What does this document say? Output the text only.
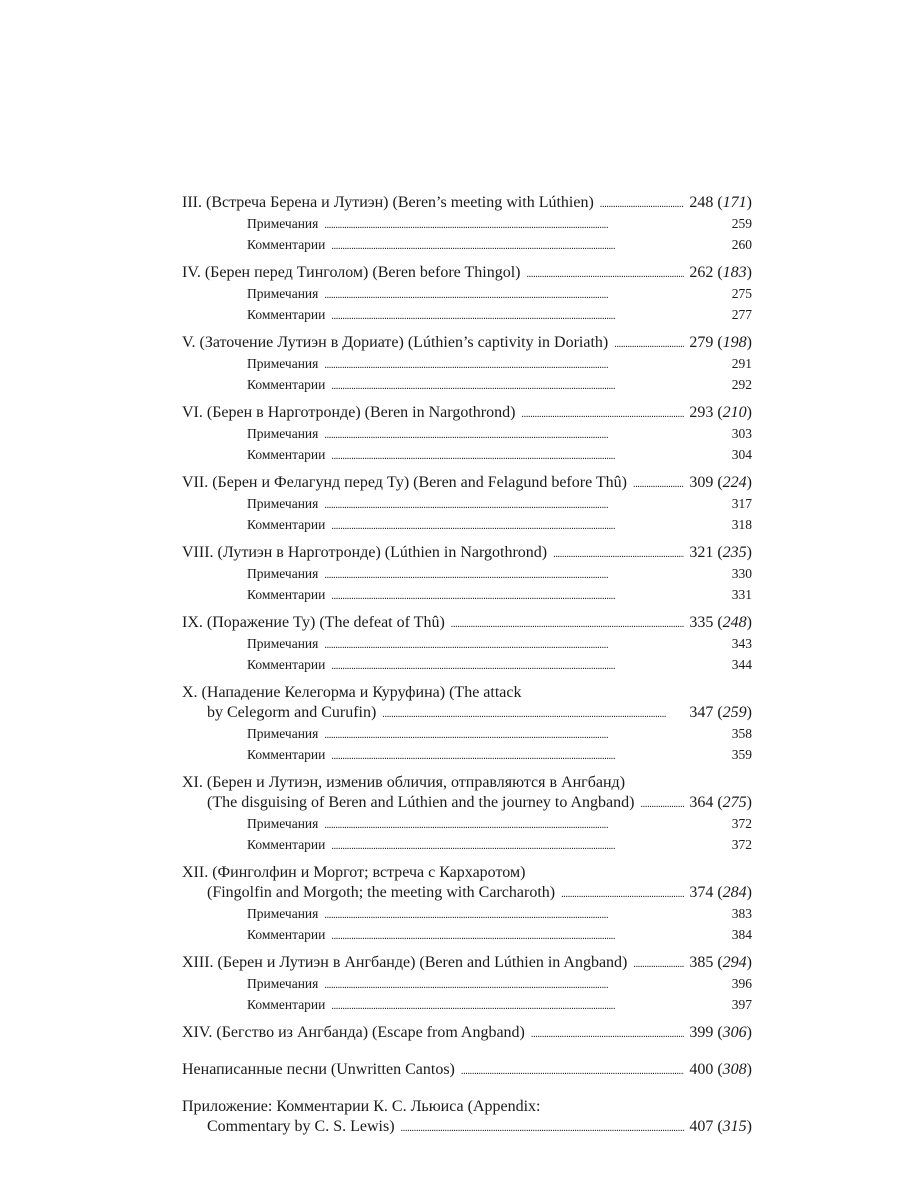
III. (Встреча Берена и Лутиэн) (Beren’s meeting with Lúthien) . . .	248 (171)
Примечания . . .	259
Комментарии . . .	260
IV. (Берен перед Тинголом) (Beren before Thingol) . . .	262 (183)
Примечания . . .	275
Комментарии . . .	277
V. (Заточение Лутиэн в Дориате) (Lúthien’s captivity in Doriath) . . .	279 (198)
Примечания . . .	291
Комментарии . . .	292
VI. (Берен в Нарготронде) (Beren in Nargothrond) . . .	293 (210)
Примечания . . .	303
Комментарии . . .	304
VII. (Берен и Фелагунд перед Ту) (Beren and Felagund before Thû) . . .	309 (224)
Примечания . . .	317
Комментарии . . .	318
VIII. (Лутиэн в Нарготронде) (Lúthien in Nargothrond) . . .	321 (235)
Примечания . . .	330
Комментарии . . .	331
IX. (Поражение Ту) (The defeat of Thû) . . .	335 (248)
Примечания . . .	343
Комментарии . . .	344
X. (Нападение Келегорма и Куруфина) (The attack
by Celegorm and Curufin) . . .	347 (259)
Примечания . . .	358
Комментарии . . .	359
XI. (Берен и Лутиэн, изменив обличия, отправляются в Ангбанд)
(The disguising of Beren and Lúthien and the journey to Angband) . . .	364 (275)
Примечания . . .	372
Комментарии . . .	372
XII. (Финголфин и Моргот; встреча с Кархаротом)
(Fingolfin and Morgoth; the meeting with Carcharoth) . . .	374 (284)
Примечания . . .	383
Комментарии . . .	384
XIII. (Берен и Лутиэн в Ангбанде) (Beren and Lúthien in Angband) . . .	385 (294)
Примечания . . .	396
Комментарии . . .	397
XIV. (Бегство из Ангбанда) (Escape from Angband) . . .	399 (306)
Ненаписанные песни (Unwritten Cantos) . . .	400 (308)
Приложение: Комментарии К. С. Льюиса (Appendix:
Commentary by C. S. Lewis) . . .	407 (315)
